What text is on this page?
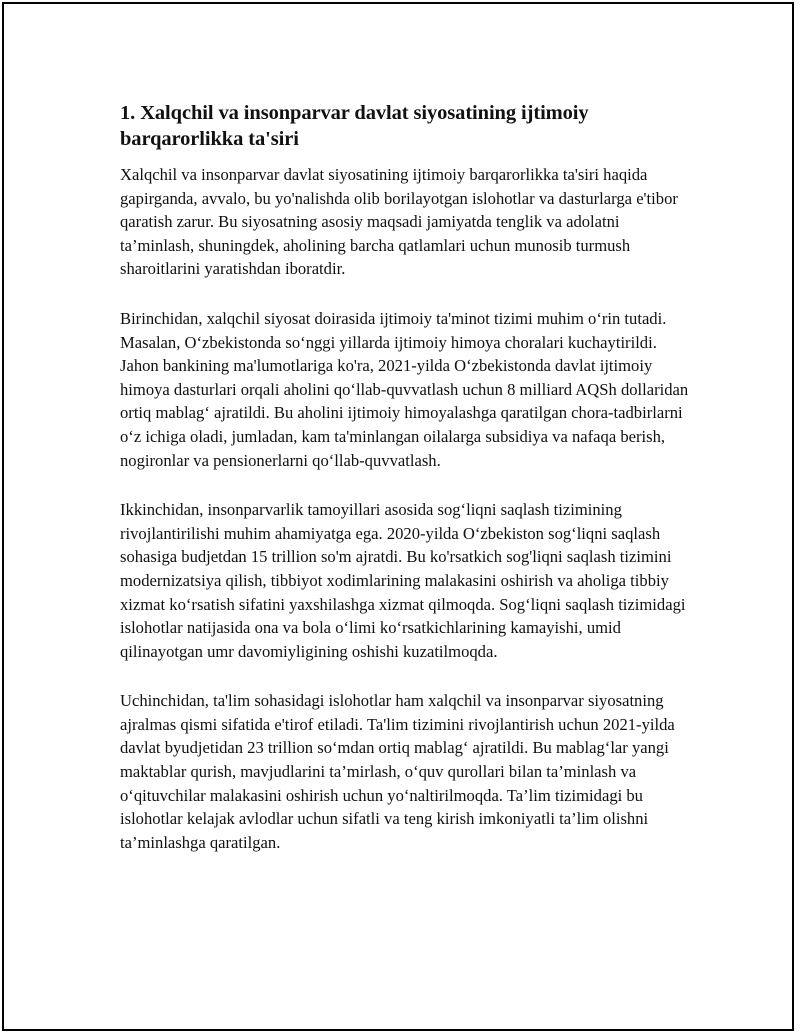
1. Xalqchil va insonparvar davlat siyosatining ijtimoiy barqarorlikka ta'siri

Xalqchil va insonparvar davlat siyosatining ijtimoiy barqarorlikka ta'siri haqida gapirganda, avvalo, bu yo'nalishda olib borilayotgan islohotlar va dasturlarga e'tibor qaratish zarur. Bu siyosatning asosiy maqsadi jamiyatda tenglik va adolatni ta’minlash, shuningdek, aholining barcha qatlamlari uchun munosib turmush sharoitlarini yaratishdan iboratdir.

Birinchidan, xalqchil siyosat doirasida ijtimoiy ta'minot tizimi muhim o‘rin tutadi. Masalan, O‘zbekistonda so‘nggi yillarda ijtimoiy himoya choralari kuchaytirildi. Jahon bankining ma'lumotlariga ko'ra, 2021-yilda O‘zbekistonda davlat ijtimoiy himoya dasturlari orqali aholini qo‘llab-quvvatlash uchun 8 milliard AQSh dollaridan ortiq mablag‘ ajratildi. Bu aholini ijtimoiy himoyalashga qaratilgan chora-tadbirlarni o‘z ichiga oladi, jumladan, kam ta'minlangan oilalarga subsidiya va nafaqa berish, nogironlar va pensionerlarni qo‘llab-quvvatlash.

Ikkinchidan, insonparvarlik tamoyillari asosida sog‘liqni saqlash tizimining rivojlantirilishi muhim ahamiyatga ega. 2020-yilda O‘zbekiston sog‘liqni saqlash sohasiga budjetdan 15 trillion so'm ajratdi. Bu ko'rsatkich sog'liqni saqlash tizimini modernizatsiya qilish, tibbiyot xodimlarining malakasini oshirish va aholiga tibbiy xizmat ko‘rsatish sifatini yaxshilashga xizmat qilmoqda. Sog‘liqni saqlash tizimidagi islohotlar natijasida ona va bola o‘limi ko‘rsatkichlarining kamayishi, umid qilinayotgan umr davomiyligining oshishi kuzatilmoqda.

Uchinchidan, ta'lim sohasidagi islohotlar ham xalqchil va insonparvar siyosatning ajralmas qismi sifatida e'tirof etiladi. Ta'lim tizimini rivojlantirish uchun 2021-yilda davlat byudjetidan 23 trillion so‘mdan ortiq mablag‘ ajratildi. Bu mablag‘lar yangi maktablar qurish, mavjudlarini ta’mirlash, o‘quv qurollari bilan ta’minlash va o‘qituvchilar malakasini oshirish uchun yo‘naltirilmoqda. Ta’lim tizimidagi bu islohotlar kelajak avlodlar uchun sifatli va teng kirish imkoniyatli ta’lim olishni ta’minlashga qaratilgan.
